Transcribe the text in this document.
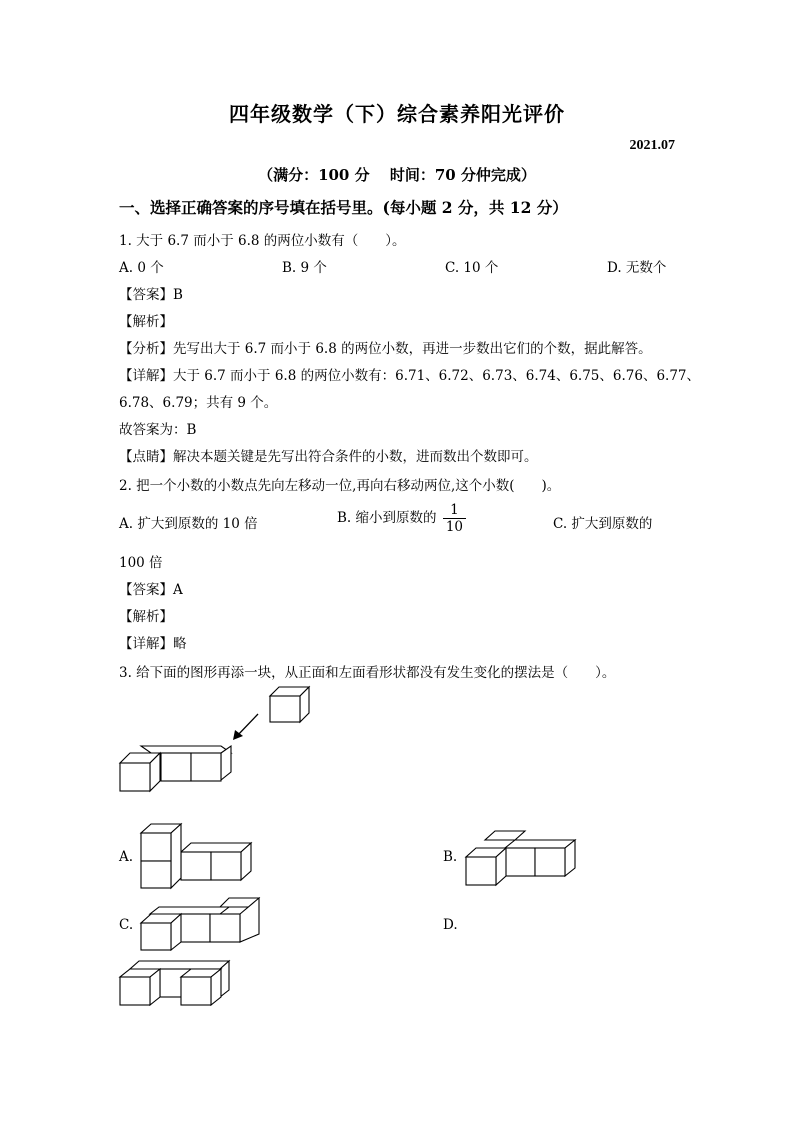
四年级数学（下）综合素养阳光评价
2021.07
（满分：100 分　 时间：70 分仲完成）
一、选择正确答案的序号填在括号里。(每小题 2 分，共 12 分）
1. 大于 6.7 而小于 6.8 的两位小数有（　　）。
A. 0 个	B. 9 个	C. 10 个	D. 无数个
【答案】B
【解析】
【分析】先写出大于 6.7 而小于 6.8 的两位小数，再进一步数出它们的个数，据此解答。
【详解】大于 6.7 而小于 6.8 的两位小数有：6.71、6.72、6.73、6.74、6.75、6.76、6.77、
6.78、6.79；共有 9 个。
故答案为：B
【点睛】解决本题关键是先写出符合条件的小数，进而数出个数即可。
2. 把一个小数的小数点先向左移动一位,再向右移动两位,这个小数(　　)。
A. 扩大到原数的 10 倍	B. 缩小到原数的 $\frac{1}{10}$	C. 扩大到原数的
100 倍
【答案】A
【解析】
【详解】略
3. 给下面的图形再添一块，从正面和左面看形状都没有发生变化的摆法是（　　）。
A.	B.
C.	D.
